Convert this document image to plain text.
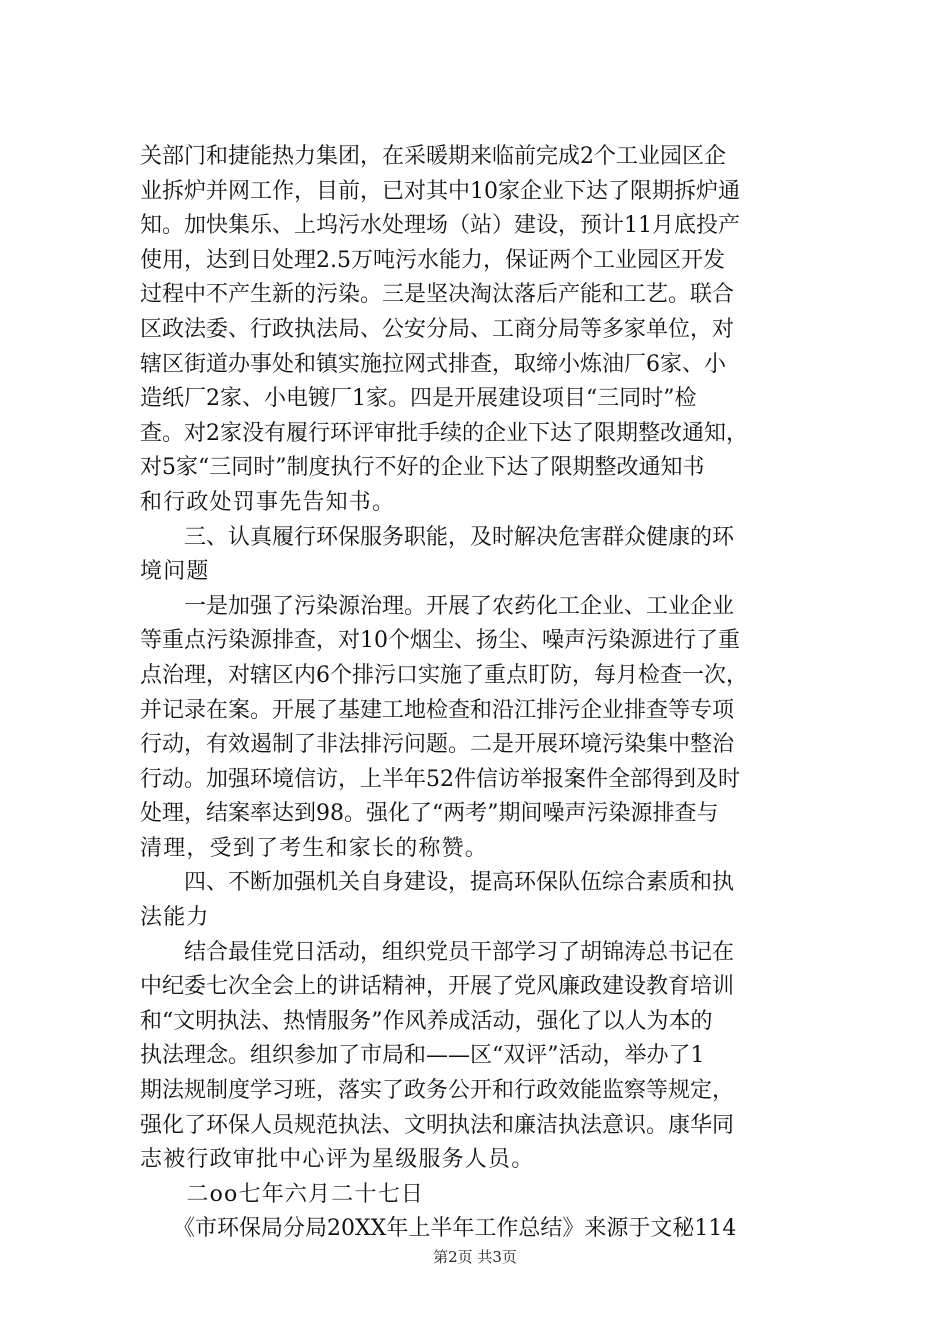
关部门和捷能热力集团，在采暖期来临前完成2个工业园区企
业拆炉并网工作，目前，已对其中10家企业下达了限期拆炉通
知。加快集乐、上坞污水处理场（站）建设，预计11月底投产
使用，达到日处理2.5万吨污水能力，保证两个工业园区开发
过程中不产生新的污染。三是坚决淘汰落后产能和工艺。联合
区政法委、行政执法局、公安分局、工商分局等多家单位，对
辖区街道办事处和镇实施拉网式排查，取缔小炼油厂6家、小
造纸厂2家、小电镀厂1家。四是开展建设项目“三同时”检
查。对2家没有履行环评审批手续的企业下达了限期整改通知，
对5家“三同时”制度执行不好的企业下达了限期整改通知书
和行政处罚事先告知书。
　　三、认真履行环保服务职能，及时解决危害群众健康的环
境问题
　　一是加强了污染源治理。开展了农药化工企业、工业企业
等重点污染源排查，对10个烟尘、扬尘、噪声污染源进行了重
点治理，对辖区内6个排污口实施了重点盯防，每月检查一次，
并记录在案。开展了基建工地检查和沿江排污企业排查等专项
行动，有效遏制了非法排污问题。二是开展环境污染集中整治
行动。加强环境信访，上半年52件信访举报案件全部得到及时
处理，结案率达到98。强化了“两考”期间噪声污染源排查与
清理，受到了考生和家长的称赞。
　　四、不断加强机关自身建设，提高环保队伍综合素质和执
法能力
　　结合最佳党日活动，组织党员干部学习了胡锦涛总书记在
中纪委七次全会上的讲话精神，开展了党风廉政建设教育培训
和“文明执法、热情服务”作风养成活动，强化了以人为本的
执法理念。组织参加了市局和——区“双评”活动，举办了1
期法规制度学习班，落实了政务公开和行政效能监察等规定，
强化了环保人员规范执法、文明执法和廉洁执法意识。康华同
志被行政审批中心评为星级服务人员。
　　二oo七年六月二十七日
　　《市环保局分局20XX年上半年工作总结》来源于文秘114
第2页 共3页
